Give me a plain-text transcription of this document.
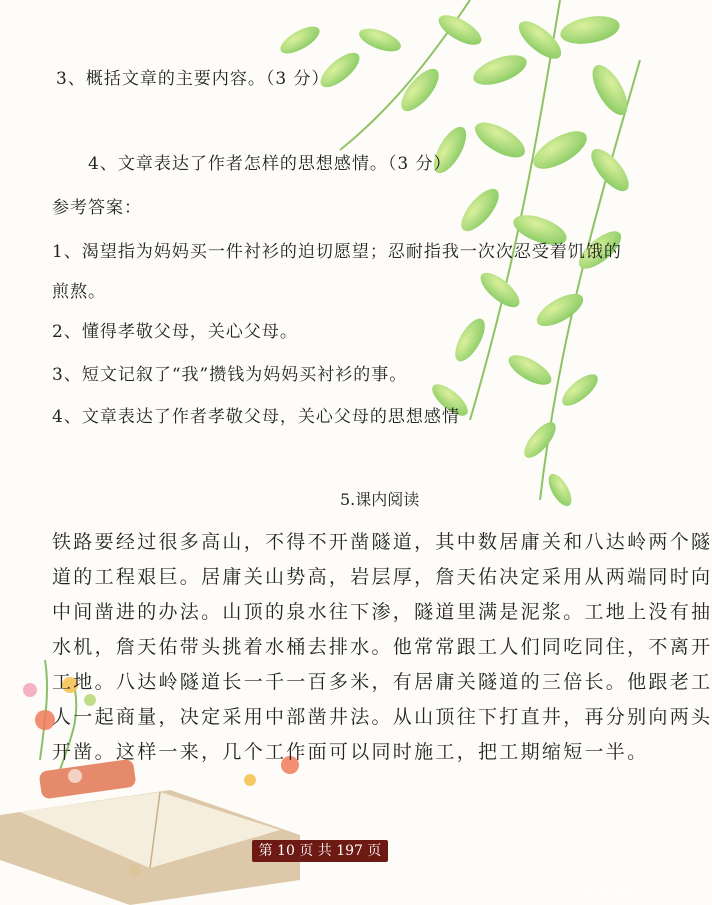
3、概括文章的主要内容。（3 分）
4、文章表达了作者怎样的思想感情。（3 分）
参考答案：
1、渴望指为妈妈买一件衬衫的迫切愿望；忍耐指我一次次忍受着饥饿的
煎熬。
2、懂得孝敬父母，关心父母。
3、短文记叙了“我”攒钱为妈妈买衬衫的事。
4、文章表达了作者孝敬父母，关心父母的思想感情
5.课内阅读
铁路要经过很多高山，不得不开凿隧道，其中数居庸关和八达岭两个隧
道的工程艰巨。居庸关山势高，岩层厚，詹天佑决定采用从两端同时向
中间凿进的办法。山顶的泉水往下渗，隧道里满是泥浆。工地上没有抽
水机，詹天佑带头挑着水桶去排水。他常常跟工人们同吃同住，不离开
工地。八达岭隧道长一千一百多米，有居庸关隧道的三倍长。他跟老工
人一起商量，决定采用中部凿井法。从山顶往下打直井，再分别向两头
开凿。这样一来，几个工作面可以同时施工，把工期缩短一半。
第 10 页 共 197 页
头条 @ 老师
